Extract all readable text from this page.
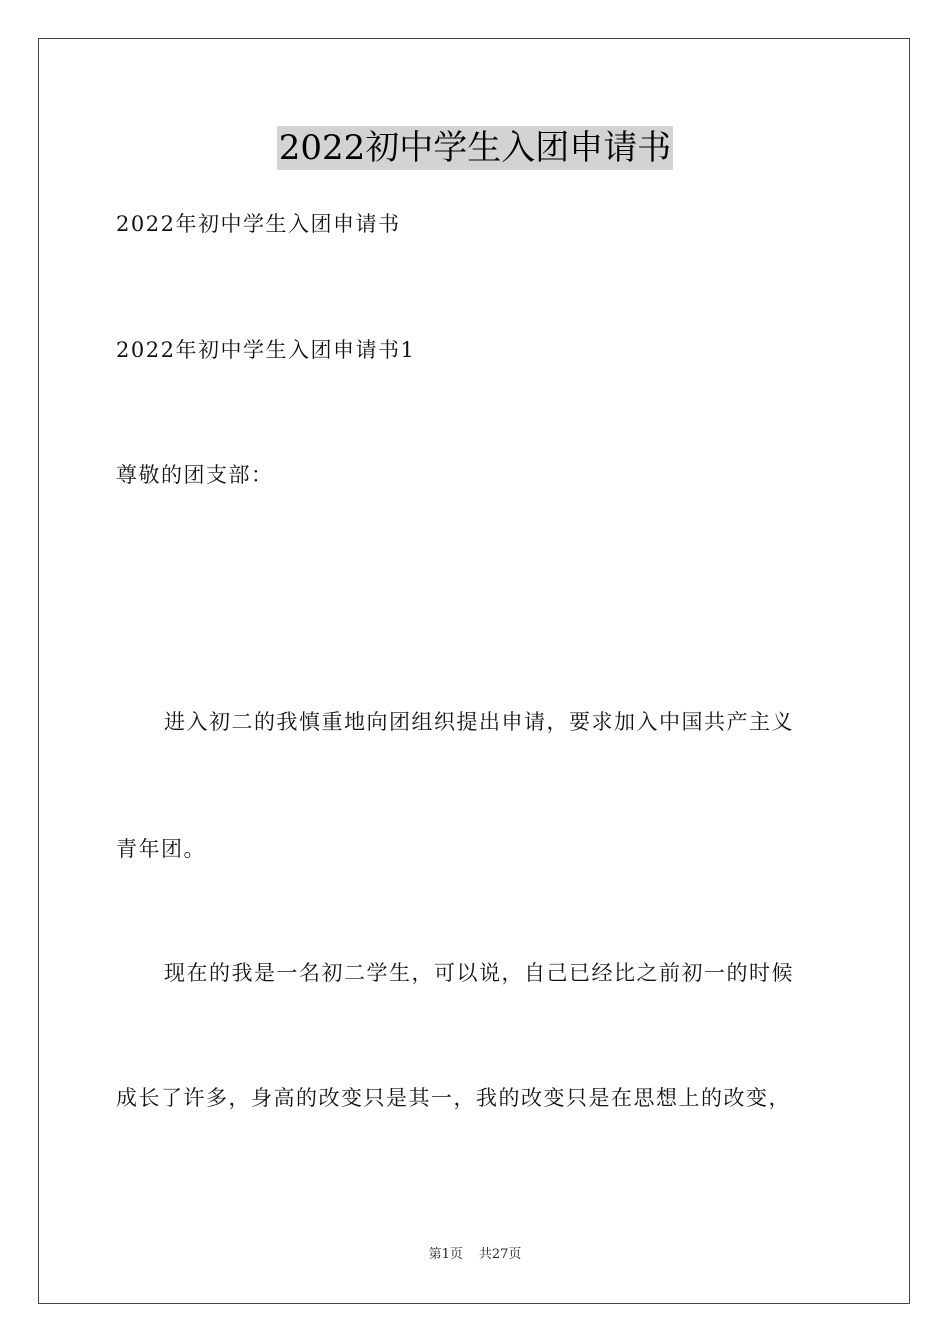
2022初中学生入团申请书
2022年初中学生入团申请书
2022年初中学生入团申请书1
尊敬的团支部：
进入初二的我慎重地向团组织提出申请，要求加入中国共产主义
青年团。
现在的我是一名初二学生，可以说，自己已经比之前初一的时候
成长了许多，身高的改变只是其一，我的改变只是在思想上的改变，
第1页 共27页
